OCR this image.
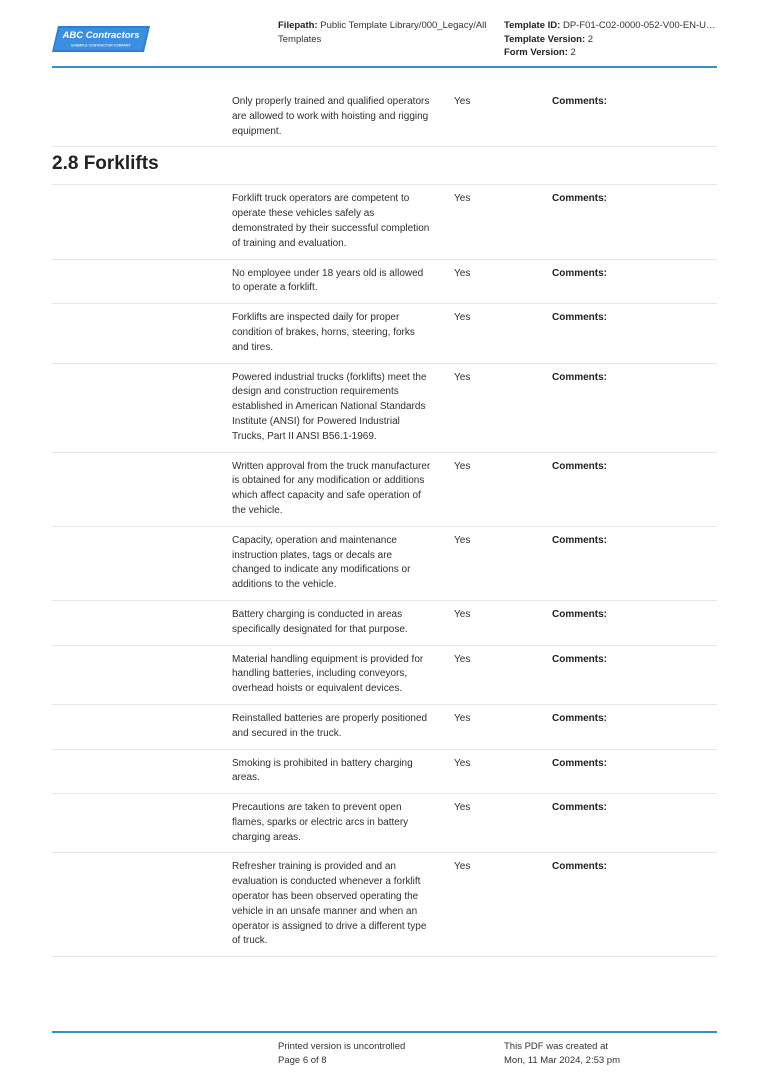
ABC Contractors
EXAMPLE CONTRACTOR COMPANY
Filepath: Public Template Library/000_Legacy/All Templates
Template ID: DP-F01-C02-0000-052-V00-EN-U…
Template Version: 2
Form Version: 2
Only properly trained and qualified operators are allowed to work with hoisting and rigging equipment.
Yes	Comments:
2.8 Forklifts
Forklift truck operators are competent to operate these vehicles safely as demonstrated by their successful completion of training and evaluation.
Yes	Comments:
No employee under 18 years old is allowed to operate a forklift.
Yes	Comments:
Forklifts are inspected daily for proper condition of brakes, horns, steering, forks and tires.
Yes	Comments:
Powered industrial trucks (forklifts) meet the design and construction requirements established in American National Standards Institute (ANSI) for Powered Industrial Trucks, Part II ANSI B56.1-1969.
Yes	Comments:
Written approval from the truck manufacturer is obtained for any modification or additions which affect capacity and safe operation of the vehicle.
Yes	Comments:
Capacity, operation and maintenance instruction plates, tags or decals are changed to indicate any modifications or additions to the vehicle.
Yes	Comments:
Battery charging is conducted in areas specifically designated for that purpose.
Yes	Comments:
Material handling equipment is provided for handling batteries, including conveyors, overhead hoists or equivalent devices.
Yes	Comments:
Reinstalled batteries are properly positioned and secured in the truck.
Yes	Comments:
Smoking is prohibited in battery charging areas.
Yes	Comments:
Precautions are taken to prevent open flames, sparks or electric arcs in battery charging areas.
Yes	Comments:
Refresher training is provided and an evaluation is conducted whenever a forklift operator has been observed operating the vehicle in an unsafe manner and when an operator is assigned to drive a different type of truck.
Yes	Comments:
Printed version is uncontrolled
Page 6 of 8
This PDF was created at
Mon, 11 Mar 2024, 2:53 pm
